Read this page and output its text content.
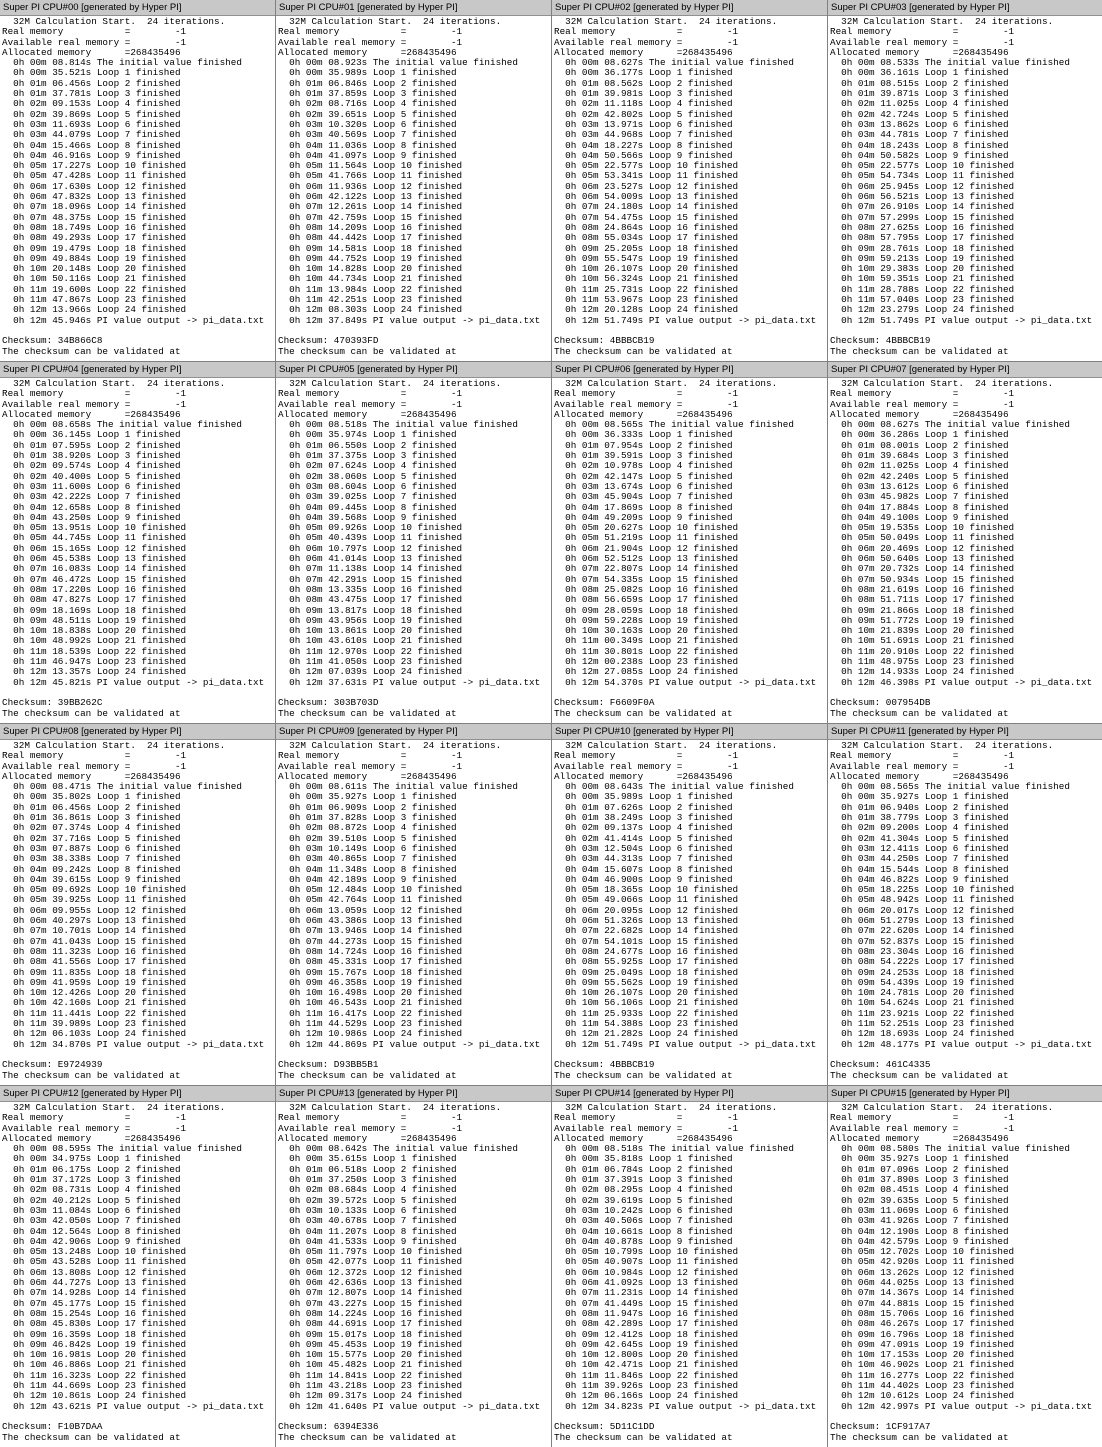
Super PI CPU#00 [generated by Hyper PI]
32M Calculation Start.  24 iterations.
Real memory           =        -1
Available real memory =        -1
Allocated memory      =268435496
0h 00m 08.814s The initial value finished
0h 00m 35.521s Loop 1 finished
0h 01m 06.456s Loop 2 finished
0h 01m 37.781s Loop 3 finished
0h 02m 09.153s Loop 4 finished
0h 02m 39.869s Loop 5 finished
0h 03m 11.693s Loop 6 finished
0h 03m 44.079s Loop 7 finished
0h 04m 15.466s Loop 8 finished
0h 04m 46.916s Loop 9 finished
0h 05m 17.227s Loop 10 finished
0h 05m 47.428s Loop 11 finished
0h 06m 17.630s Loop 12 finished
0h 06m 47.832s Loop 13 finished
0h 07m 18.096s Loop 14 finished
0h 07m 48.375s Loop 15 finished
0h 08m 18.749s Loop 16 finished
0h 08m 49.293s Loop 17 finished
0h 09m 19.479s Loop 18 finished
0h 09m 49.884s Loop 19 finished
0h 10m 20.148s Loop 20 finished
0h 10m 50.116s Loop 21 finished
0h 11m 19.600s Loop 22 finished
0h 11m 47.867s Loop 23 finished
0h 12m 13.966s Loop 24 finished
0h 12m 45.946s PI value output -> pi_data.txt
Checksum: 34B866C8
The checksum can be validated at
Super PI CPU#01 [generated by Hyper PI]
32M Calculation Start.  24 iterations.
Real memory           =        -1
Available real memory =        -1
Allocated memory      =268435496
0h 00m 08.923s The initial value finished
0h 00m 35.989s Loop 1 finished
0h 01m 06.846s Loop 2 finished
0h 01m 37.859s Loop 3 finished
0h 02m 08.716s Loop 4 finished
0h 02m 39.651s Loop 5 finished
0h 03m 10.320s Loop 6 finished
0h 03m 40.569s Loop 7 finished
0h 04m 11.036s Loop 8 finished
0h 04m 41.097s Loop 9 finished
0h 05m 11.564s Loop 10 finished
0h 05m 41.766s Loop 11 finished
0h 06m 11.936s Loop 12 finished
0h 06m 42.122s Loop 13 finished
0h 07m 12.261s Loop 14 finished
0h 07m 42.759s Loop 15 finished
0h 08m 14.209s Loop 16 finished
0h 08m 44.442s Loop 17 finished
0h 09m 14.581s Loop 18 finished
0h 09m 44.752s Loop 19 finished
0h 10m 14.828s Loop 20 finished
0h 10m 44.734s Loop 21 finished
0h 11m 13.984s Loop 22 finished
0h 11m 42.251s Loop 23 finished
0h 12m 08.303s Loop 24 finished
0h 12m 37.849s PI value output -> pi_data.txt
Checksum: 470393FD
The checksum can be validated at
Super PI CPU#02 [generated by Hyper PI]
32M Calculation Start.  24 iterations.
Real memory           =        -1
Available real memory =        -1
Allocated memory      =268435496
0h 00m 08.627s The initial value finished
0h 00m 36.177s Loop 1 finished
0h 01m 08.562s Loop 2 finished
0h 01m 39.981s Loop 3 finished
0h 02m 11.118s Loop 4 finished
0h 02m 42.802s Loop 5 finished
0h 03m 13.971s Loop 6 finished
0h 03m 44.968s Loop 7 finished
0h 04m 18.227s Loop 8 finished
0h 04m 50.566s Loop 9 finished
0h 05m 22.577s Loop 10 finished
0h 05m 53.341s Loop 11 finished
0h 06m 23.527s Loop 12 finished
0h 06m 54.009s Loop 13 finished
0h 07m 24.180s Loop 14 finished
0h 07m 54.475s Loop 15 finished
0h 08m 24.864s Loop 16 finished
0h 08m 55.034s Loop 17 finished
0h 09m 25.205s Loop 18 finished
0h 09m 55.547s Loop 19 finished
0h 10m 26.107s Loop 20 finished
0h 10m 56.324s Loop 21 finished
0h 11m 25.731s Loop 22 finished
0h 11m 53.967s Loop 23 finished
0h 12m 20.128s Loop 24 finished
0h 12m 51.749s PI value output -> pi_data.txt
Checksum: 4BBBCB19
The checksum can be validated at
Super PI CPU#03 [generated by Hyper PI]
32M Calculation Start.  24 iterations.
Real memory           =        -1
Available real memory =        -1
Allocated memory      =268435496
0h 00m 08.533s The initial value finished
0h 00m 36.161s Loop 1 finished
0h 01m 08.515s Loop 2 finished
0h 01m 39.871s Loop 3 finished
0h 02m 11.025s Loop 4 finished
0h 02m 42.724s Loop 5 finished
0h 03m 13.862s Loop 6 finished
0h 03m 44.781s Loop 7 finished
0h 04m 18.243s Loop 8 finished
0h 04m 50.582s Loop 9 finished
0h 05m 22.577s Loop 10 finished
0h 05m 54.734s Loop 11 finished
0h 06m 25.945s Loop 12 finished
0h 06m 56.521s Loop 13 finished
0h 07m 26.910s Loop 14 finished
0h 07m 57.299s Loop 15 finished
0h 08m 27.625s Loop 16 finished
0h 08m 57.795s Loop 17 finished
0h 09m 28.761s Loop 18 finished
0h 09m 59.213s Loop 19 finished
0h 10m 29.383s Loop 20 finished
0h 10m 59.351s Loop 21 finished
0h 11m 28.788s Loop 22 finished
0h 11m 57.040s Loop 23 finished
0h 12m 23.279s Loop 24 finished
0h 12m 51.749s PI value output -> pi_data.txt
Checksum: 4BBBCB19
The checksum can be validated at
Super PI CPU#04 [generated by Hyper PI]
32M Calculation Start.  24 iterations.
Real memory           =        -1
Available real memory =        -1
Allocated memory      =268435496
0h 00m 08.658s The initial value finished
0h 00m 36.145s Loop 1 finished
0h 01m 07.595s Loop 2 finished
0h 01m 38.920s Loop 3 finished
0h 02m 09.574s Loop 4 finished
0h 02m 40.400s Loop 5 finished
0h 03m 11.600s Loop 6 finished
0h 03m 42.222s Loop 7 finished
0h 04m 12.658s Loop 8 finished
0h 04m 43.250s Loop 9 finished
0h 05m 13.951s Loop 10 finished
0h 05m 44.745s Loop 11 finished
0h 06m 15.165s Loop 12 finished
0h 06m 45.538s Loop 13 finished
0h 07m 16.083s Loop 14 finished
0h 07m 46.472s Loop 15 finished
0h 08m 17.220s Loop 16 finished
0h 08m 47.827s Loop 17 finished
0h 09m 18.169s Loop 18 finished
0h 09m 48.511s Loop 19 finished
0h 10m 18.838s Loop 20 finished
0h 10m 48.992s Loop 21 finished
0h 11m 18.539s Loop 22 finished
0h 11m 46.947s Loop 23 finished
0h 12m 13.357s Loop 24 finished
0h 12m 45.821s PI value output -> pi_data.txt
Checksum: 39BB262C
The checksum can be validated at
Super PI CPU#05 [generated by Hyper PI]
32M Calculation Start.  24 iterations.
Real memory           =        -1
Available real memory =        -1
Allocated memory      =268435496
0h 00m 08.518s The initial value finished
0h 00m 35.974s Loop 1 finished
0h 01m 06.550s Loop 2 finished
0h 01m 37.375s Loop 3 finished
0h 02m 07.624s Loop 4 finished
0h 02m 38.060s Loop 5 finished
0h 03m 08.604s Loop 6 finished
0h 03m 39.025s Loop 7 finished
0h 04m 09.445s Loop 8 finished
0h 04m 39.568s Loop 9 finished
0h 05m 09.926s Loop 10 finished
0h 05m 40.439s Loop 11 finished
0h 06m 10.797s Loop 12 finished
0h 06m 41.014s Loop 13 finished
0h 07m 11.138s Loop 14 finished
0h 07m 42.291s Loop 15 finished
0h 08m 13.335s Loop 16 finished
0h 08m 43.475s Loop 17 finished
0h 09m 13.817s Loop 18 finished
0h 09m 43.956s Loop 19 finished
0h 10m 13.861s Loop 20 finished
0h 10m 43.610s Loop 21 finished
0h 11m 12.970s Loop 22 finished
0h 11m 41.050s Loop 23 finished
0h 12m 07.039s Loop 24 finished
0h 12m 37.631s PI value output -> pi_data.txt
Checksum: 303B703D
The checksum can be validated at
Super PI CPU#06 [generated by Hyper PI]
32M Calculation Start.  24 iterations.
Real memory           =        -1
Available real memory =        -1
Allocated memory      =268435496
0h 00m 08.565s The initial value finished
0h 00m 36.333s Loop 1 finished
0h 01m 07.954s Loop 2 finished
0h 01m 39.591s Loop 3 finished
0h 02m 10.978s Loop 4 finished
0h 02m 42.147s Loop 5 finished
0h 03m 13.674s Loop 6 finished
0h 03m 45.904s Loop 7 finished
0h 04m 17.869s Loop 8 finished
0h 04m 49.209s Loop 9 finished
0h 05m 20.627s Loop 10 finished
0h 05m 51.219s Loop 11 finished
0h 06m 21.904s Loop 12 finished
0h 06m 52.512s Loop 13 finished
0h 07m 22.807s Loop 14 finished
0h 07m 54.335s Loop 15 finished
0h 08m 25.082s Loop 16 finished
0h 08m 56.659s Loop 17 finished
0h 09m 28.059s Loop 18 finished
0h 09m 59.228s Loop 19 finished
0h 10m 30.163s Loop 20 finished
0h 11m 00.349s Loop 21 finished
0h 11m 30.801s Loop 22 finished
0h 12m 00.238s Loop 23 finished
0h 12m 27.085s Loop 24 finished
0h 12m 54.370s PI value output -> pi_data.txt
Checksum: F6609F0A
The checksum can be validated at
Super PI CPU#07 [generated by Hyper PI]
32M Calculation Start.  24 iterations.
Real memory           =        -1
Available real memory =        -1
Allocated memory      =268435496
0h 00m 08.627s The initial value finished
0h 00m 36.286s Loop 1 finished
0h 01m 08.001s Loop 2 finished
0h 01m 39.684s Loop 3 finished
0h 02m 11.025s Loop 4 finished
0h 02m 42.240s Loop 5 finished
0h 03m 13.612s Loop 6 finished
0h 03m 45.982s Loop 7 finished
0h 04m 17.884s Loop 8 finished
0h 04m 49.100s Loop 9 finished
0h 05m 19.535s Loop 10 finished
0h 05m 50.049s Loop 11 finished
0h 06m 20.469s Loop 12 finished
0h 06m 50.640s Loop 13 finished
0h 07m 20.732s Loop 14 finished
0h 07m 50.934s Loop 15 finished
0h 08m 21.619s Loop 16 finished
0h 08m 51.711s Loop 17 finished
0h 09m 21.866s Loop 18 finished
0h 09m 51.772s Loop 19 finished
0h 10m 21.839s Loop 20 finished
0h 10m 51.691s Loop 21 finished
0h 11m 20.910s Loop 22 finished
0h 11m 48.975s Loop 23 finished
0h 12m 14.933s Loop 24 finished
0h 12m 46.398s PI value output -> pi_data.txt
Checksum: 007954DB
The checksum can be validated at
Super PI CPU#08 [generated by Hyper PI]
32M Calculation Start.  24 iterations.
Real memory           =        -1
Available real memory =        -1
Allocated memory      =268435496
0h 00m 08.471s The initial value finished
0h 00m 35.802s Loop 1 finished
0h 01m 06.456s Loop 2 finished
0h 01m 36.861s Loop 3 finished
0h 02m 07.374s Loop 4 finished
0h 02m 37.716s Loop 5 finished
0h 03m 07.887s Loop 6 finished
0h 03m 38.338s Loop 7 finished
0h 04m 09.242s Loop 8 finished
0h 04m 39.615s Loop 9 finished
0h 05m 09.692s Loop 10 finished
0h 05m 39.925s Loop 11 finished
0h 06m 09.955s Loop 12 finished
0h 06m 40.297s Loop 13 finished
0h 07m 10.701s Loop 14 finished
0h 07m 41.043s Loop 15 finished
0h 08m 11.323s Loop 16 finished
0h 08m 41.556s Loop 17 finished
0h 09m 11.835s Loop 18 finished
0h 09m 41.959s Loop 19 finished
0h 10m 12.426s Loop 20 finished
0h 10m 42.160s Loop 21 finished
0h 11m 11.441s Loop 22 finished
0h 11m 39.989s Loop 23 finished
0h 12m 06.103s Loop 24 finished
0h 12m 34.870s PI value output -> pi_data.txt
Checksum: E9724939
The checksum can be validated at
Super PI CPU#09 [generated by Hyper PI]
32M Calculation Start.  24 iterations.
Real memory           =        -1
Available real memory =        -1
Allocated memory      =268435496
0h 00m 08.611s The initial value finished
0h 00m 35.927s Loop 1 finished
0h 01m 06.909s Loop 2 finished
0h 01m 37.828s Loop 3 finished
0h 02m 08.872s Loop 4 finished
0h 02m 39.510s Loop 5 finished
0h 03m 10.149s Loop 6 finished
0h 03m 40.865s Loop 7 finished
0h 04m 11.348s Loop 8 finished
0h 04m 42.189s Loop 9 finished
0h 05m 12.484s Loop 10 finished
0h 05m 42.764s Loop 11 finished
0h 06m 13.059s Loop 12 finished
0h 06m 43.386s Loop 13 finished
0h 07m 13.946s Loop 14 finished
0h 07m 44.273s Loop 15 finished
0h 08m 14.724s Loop 16 finished
0h 08m 45.331s Loop 17 finished
0h 09m 15.767s Loop 18 finished
0h 09m 46.358s Loop 19 finished
0h 10m 16.498s Loop 20 finished
0h 10m 46.543s Loop 21 finished
0h 11m 16.417s Loop 22 finished
0h 11m 44.529s Loop 23 finished
0h 12m 10.986s Loop 24 finished
0h 12m 44.869s PI value output -> pi_data.txt
Checksum: D93BB5B1
The checksum can be validated at
Super PI CPU#10 [generated by Hyper PI]
32M Calculation Start.  24 iterations.
Real memory           =        -1
Available real memory =        -1
Allocated memory      =268435496
0h 00m 08.643s The initial value finished
0h 00m 35.989s Loop 1 finished
0h 01m 07.626s Loop 2 finished
0h 01m 38.249s Loop 3 finished
0h 02m 09.137s Loop 4 finished
0h 02m 41.414s Loop 5 finished
0h 03m 12.504s Loop 6 finished
0h 03m 44.313s Loop 7 finished
0h 04m 15.607s Loop 8 finished
0h 04m 46.900s Loop 9 finished
0h 05m 18.365s Loop 10 finished
0h 05m 49.066s Loop 11 finished
0h 06m 20.095s Loop 12 finished
0h 06m 51.326s Loop 13 finished
0h 07m 22.682s Loop 14 finished
0h 07m 54.101s Loop 15 finished
0h 08m 24.677s Loop 16 finished
0h 08m 55.925s Loop 17 finished
0h 09m 25.049s Loop 18 finished
0h 09m 55.562s Loop 19 finished
0h 10m 26.107s Loop 20 finished
0h 10m 56.106s Loop 21 finished
0h 11m 25.933s Loop 22 finished
0h 11m 54.388s Loop 23 finished
0h 12m 21.282s Loop 24 finished
0h 12m 51.749s PI value output -> pi_data.txt
Checksum: 4BBBCB19
The checksum can be validated at
Super PI CPU#11 [generated by Hyper PI]
32M Calculation Start.  24 iterations.
Real memory           =        -1
Available real memory =        -1
Allocated memory      =268435496
0h 00m 08.565s The initial value finished
0h 00m 35.927s Loop 1 finished
0h 01m 06.940s Loop 2 finished
0h 01m 38.779s Loop 3 finished
0h 02m 09.200s Loop 4 finished
0h 02m 41.304s Loop 5 finished
0h 03m 12.411s Loop 6 finished
0h 03m 44.250s Loop 7 finished
0h 04m 15.544s Loop 8 finished
0h 04m 46.822s Loop 9 finished
0h 05m 18.225s Loop 10 finished
0h 05m 48.942s Loop 11 finished
0h 06m 20.017s Loop 12 finished
0h 06m 51.279s Loop 13 finished
0h 07m 22.620s Loop 14 finished
0h 07m 52.837s Loop 15 finished
0h 08m 23.304s Loop 16 finished
0h 08m 54.222s Loop 17 finished
0h 09m 24.253s Loop 18 finished
0h 09m 54.439s Loop 19 finished
0h 10m 24.781s Loop 20 finished
0h 10m 54.624s Loop 21 finished
0h 11m 23.921s Loop 22 finished
0h 11m 52.251s Loop 23 finished
0h 12m 18.693s Loop 24 finished
0h 12m 48.177s PI value output -> pi_data.txt
Checksum: 461C4335
The checksum can be validated at
Super PI CPU#12 [generated by Hyper PI]
32M Calculation Start.  24 iterations.
Real memory           =        -1
Available real memory =        -1
Allocated memory      =268435496
0h 00m 08.595s The initial value finished
0h 00m 34.975s Loop 1 finished
0h 01m 06.175s Loop 2 finished
0h 01m 37.172s Loop 3 finished
0h 02m 08.731s Loop 4 finished
0h 02m 40.212s Loop 5 finished
0h 03m 11.084s Loop 6 finished
0h 03m 42.050s Loop 7 finished
0h 04m 12.564s Loop 8 finished
0h 04m 42.906s Loop 9 finished
0h 05m 13.248s Loop 10 finished
0h 05m 43.528s Loop 11 finished
0h 06m 13.808s Loop 12 finished
0h 06m 44.727s Loop 13 finished
0h 07m 14.928s Loop 14 finished
0h 07m 45.177s Loop 15 finished
0h 08m 15.254s Loop 16 finished
0h 08m 45.830s Loop 17 finished
0h 09m 16.359s Loop 18 finished
0h 09m 46.842s Loop 19 finished
0h 10m 16.981s Loop 20 finished
0h 10m 46.886s Loop 21 finished
0h 11m 16.323s Loop 22 finished
0h 11m 44.669s Loop 23 finished
0h 12m 10.861s Loop 24 finished
0h 12m 43.621s PI value output -> pi_data.txt
Checksum: F10B7DAA
The checksum can be validated at
Super PI CPU#13 [generated by Hyper PI]
32M Calculation Start.  24 iterations.
Real memory           =        -1
Available real memory =        -1
Allocated memory      =268435496
0h 00m 08.642s The initial value finished
0h 00m 35.615s Loop 1 finished
0h 01m 06.518s Loop 2 finished
0h 01m 37.250s Loop 3 finished
0h 02m 08.684s Loop 4 finished
0h 02m 39.572s Loop 5 finished
0h 03m 10.133s Loop 6 finished
0h 03m 40.678s Loop 7 finished
0h 04m 11.207s Loop 8 finished
0h 04m 41.533s Loop 9 finished
0h 05m 11.797s Loop 10 finished
0h 05m 42.077s Loop 11 finished
0h 06m 12.372s Loop 12 finished
0h 06m 42.636s Loop 13 finished
0h 07m 12.807s Loop 14 finished
0h 07m 43.227s Loop 15 finished
0h 08m 14.224s Loop 16 finished
0h 08m 44.691s Loop 17 finished
0h 09m 15.017s Loop 18 finished
0h 09m 45.453s Loop 19 finished
0h 10m 15.577s Loop 20 finished
0h 10m 45.482s Loop 21 finished
0h 11m 14.841s Loop 22 finished
0h 11m 43.218s Loop 23 finished
0h 12m 09.317s Loop 24 finished
0h 12m 41.640s PI value output -> pi_data.txt
Checksum: 6394E336
The checksum can be validated at
Super PI CPU#14 [generated by Hyper PI]
32M Calculation Start.  24 iterations.
Real memory           =        -1
Available real memory =        -1
Allocated memory      =268435496
0h 00m 08.518s The initial value finished
0h 00m 35.818s Loop 1 finished
0h 01m 06.784s Loop 2 finished
0h 01m 37.391s Loop 3 finished
0h 02m 08.295s Loop 4 finished
0h 02m 39.619s Loop 5 finished
0h 03m 10.242s Loop 6 finished
0h 03m 40.506s Loop 7 finished
0h 04m 10.661s Loop 8 finished
0h 04m 40.878s Loop 9 finished
0h 05m 10.799s Loop 10 finished
0h 05m 40.907s Loop 11 finished
0h 06m 10.984s Loop 12 finished
0h 06m 41.092s Loop 13 finished
0h 07m 11.231s Loop 14 finished
0h 07m 41.449s Loop 15 finished
0h 08m 11.947s Loop 16 finished
0h 08m 42.289s Loop 17 finished
0h 09m 12.412s Loop 18 finished
0h 09m 42.645s Loop 19 finished
0h 10m 12.800s Loop 20 finished
0h 10m 42.471s Loop 21 finished
0h 11m 11.846s Loop 22 finished
0h 11m 39.926s Loop 23 finished
0h 12m 06.166s Loop 24 finished
0h 12m 34.823s PI value output -> pi_data.txt
Checksum: 5D11C1DD
The checksum can be validated at
Super PI CPU#15 [generated by Hyper PI]
32M Calculation Start.  24 iterations.
Real memory           =        -1
Available real memory =        -1
Allocated memory      =268435496
0h 00m 08.580s The initial value finished
0h 00m 35.927s Loop 1 finished
0h 01m 07.096s Loop 2 finished
0h 01m 37.890s Loop 3 finished
0h 02m 08.451s Loop 4 finished
0h 02m 39.635s Loop 5 finished
0h 03m 11.069s Loop 6 finished
0h 03m 41.926s Loop 7 finished
0h 04m 12.190s Loop 8 finished
0h 04m 42.579s Loop 9 finished
0h 05m 12.702s Loop 10 finished
0h 05m 42.920s Loop 11 finished
0h 06m 13.262s Loop 12 finished
0h 06m 44.025s Loop 13 finished
0h 07m 14.367s Loop 14 finished
0h 07m 44.881s Loop 15 finished
0h 08m 15.706s Loop 16 finished
0h 08m 46.267s Loop 17 finished
0h 09m 16.796s Loop 18 finished
0h 09m 47.091s Loop 19 finished
0h 10m 17.153s Loop 20 finished
0h 10m 46.902s Loop 21 finished
0h 11m 16.277s Loop 22 finished
0h 11m 44.402s Loop 23 finished
0h 12m 10.612s Loop 24 finished
0h 12m 42.997s PI value output -> pi_data.txt
Checksum: 1CF917A7
The checksum can be validated at
